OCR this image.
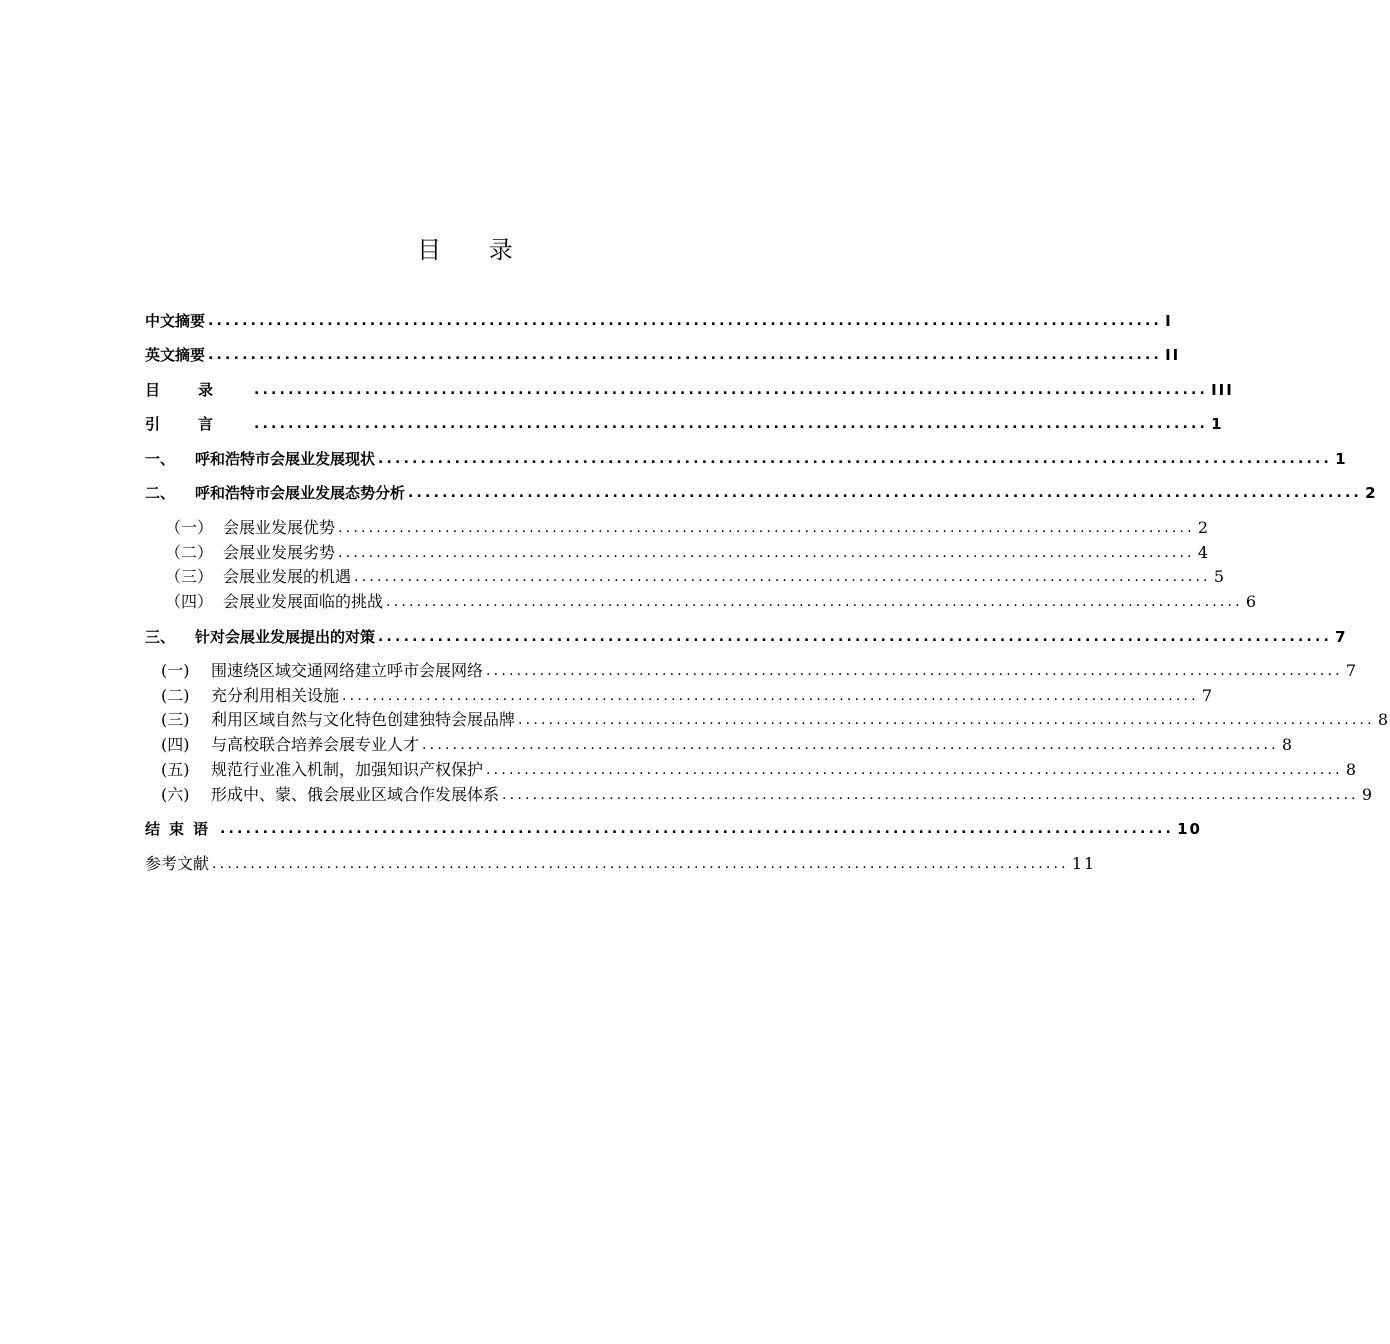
目 录
中文摘要 ................................................................................................................ I
英文摘要 ................................................................................................................ II
目录 ................................................................................................................ III
引言 ................................................................................................................ 1
一、	呼和浩特市会展业发展现状 ................................................................................................................ 1
二、	呼和浩特市会展业发展态势分析 ................................................................................................................ 2
（一） 会展业发展优势 ................................................................................................................ 2
（二） 会展业发展劣势 ................................................................................................................ 4
（三） 会展业发展的机遇 ................................................................................................................ 5
（四） 会展业发展面临的挑战 ................................................................................................................ 6
三、	针对会展业发展提出的对策 ................................................................................................................ 7
(一)	围速绕区域交通网络建立呼市会展网络 ................................................................................................................ 7
(二)	充分利用相关设施 ................................................................................................................ 7
(三)	利用区域自然与文化特色创建独特会展品牌 ................................................................................................................ 8
(四)	与高校联合培养会展专业人才 ................................................................................................................ 8
(五)	规范行业准入机制，加强知识产权保护 ................................................................................................................ 8
(六)	形成中、蒙、俄会展业区域合作发展体系 ................................................................................................................ 9
结束语 ................................................................................................................ 10
参考文献 ................................................................................................................ 11
